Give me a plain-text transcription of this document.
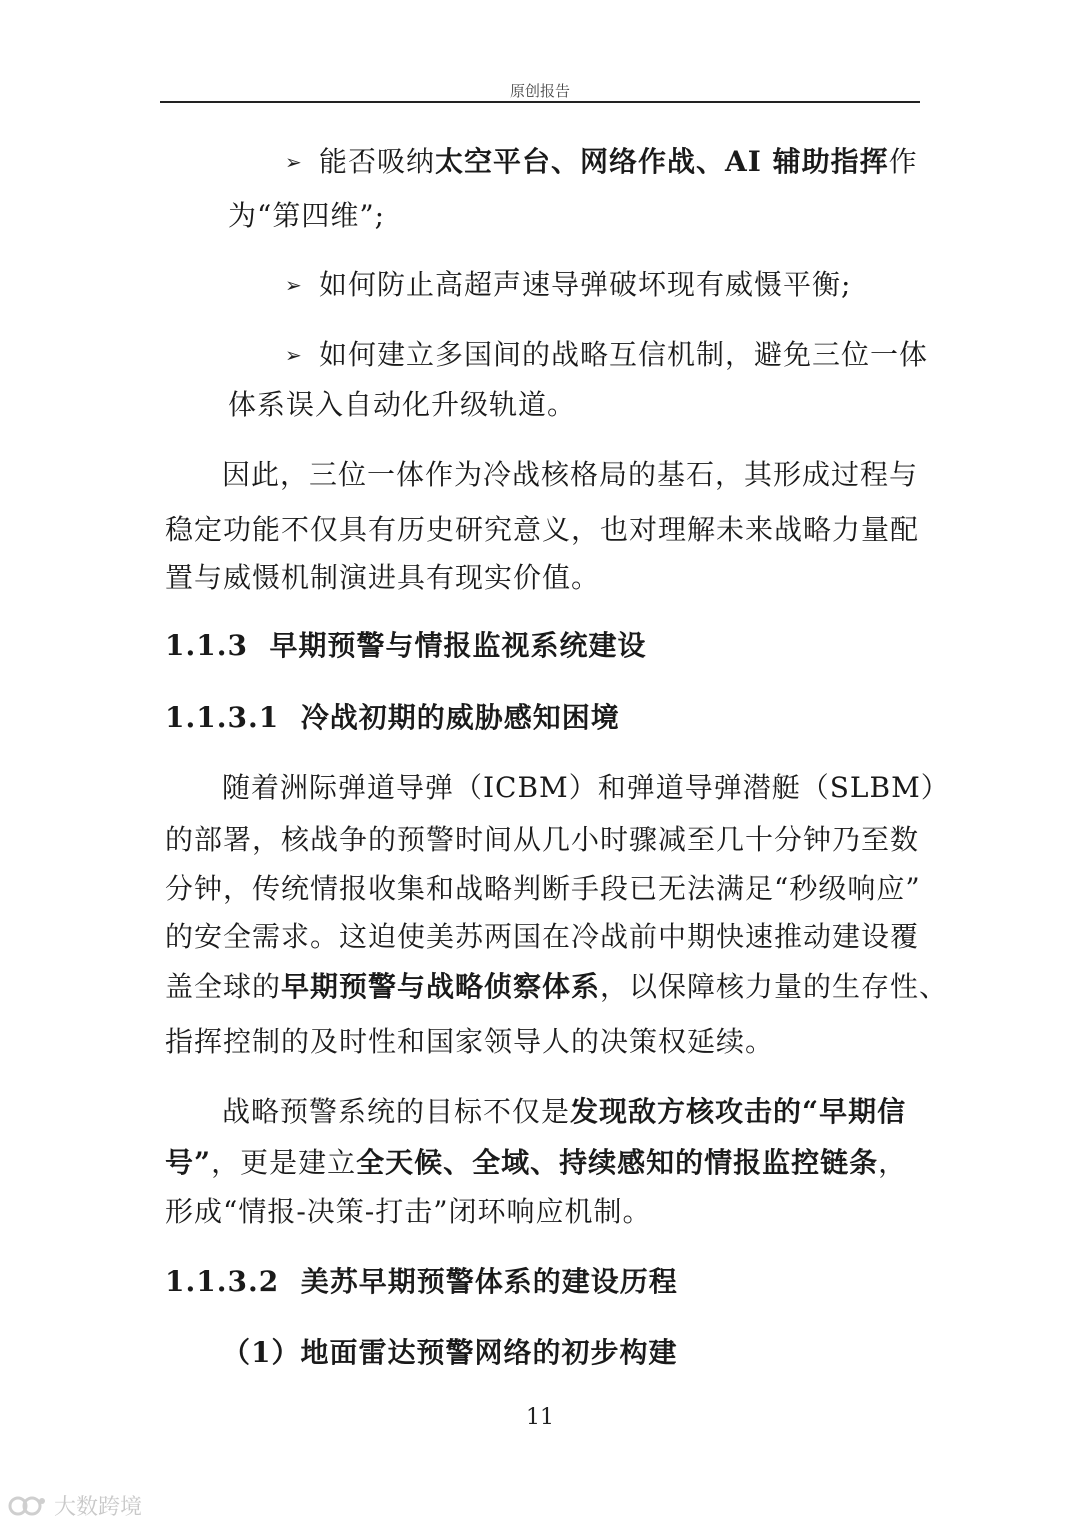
原创报告
➢ 能否吸纳太空平台、网络作战、AI 辅助指挥作
为“第四维”;
➢ 如何防止高超声速导弹破坏现有威慑平衡;
➢ 如何建立多国间的战略互信机制，避免三位一体
体系误入自动化升级轨道。
因此，三位一体作为冷战核格局的基石，其形成过程与
稳定功能不仅具有历史研究意义，也对理解未来战略力量配
置与威慑机制演进具有现实价值。
1.1.3 早期预警与情报监视系统建设
1.1.3.1 冷战初期的威胁感知困境
随着洲际弹道导弹（ICBM）和弹道导弹潜艇（SLBM）
的部署，核战争的预警时间从几小时骤减至几十分钟乃至数
分钟，传统情报收集和战略判断手段已无法满足“秒级响应”
的安全需求。这迫使美苏两国在冷战前中期快速推动建设覆
盖全球的早期预警与战略侦察体系，以保障核力量的生存性、
指挥控制的及时性和国家领导人的决策权延续。
战略预警系统的目标不仅是发现敌方核攻击的“早期信
号”，更是建立全天候、全域、持续感知的情报监控链条，
形成“情报-决策-打击”闭环响应机制。
1.1.3.2 美苏早期预警体系的建设历程
（1）地面雷达预警网络的初步构建
11
大数跨境
